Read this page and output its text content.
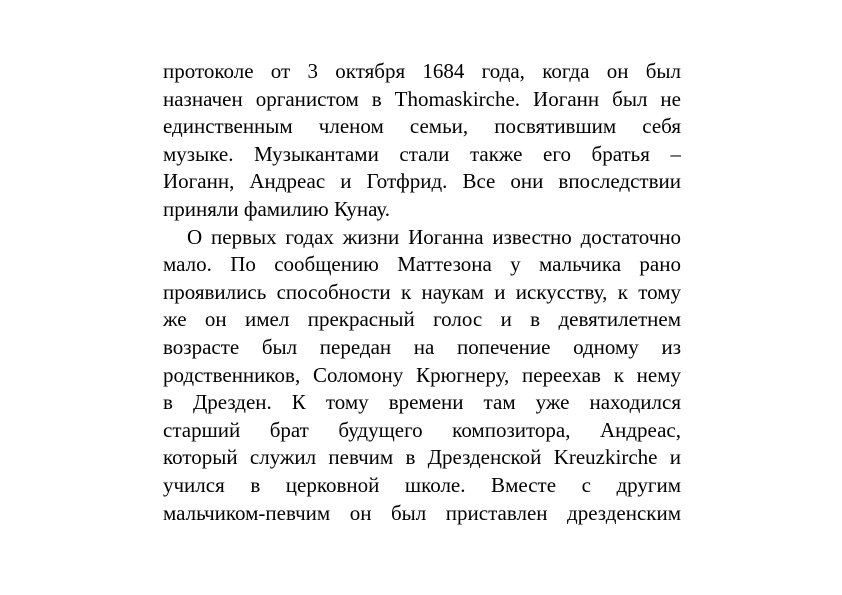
протоколе от 3 октября 1684 года, когда он был
назначен органистом в Thomaskirche. Иоганн был не
единственным членом семьи, посвятившим себя
музыке. Музыкантами стали также его братья –
Иоганн, Андреас и Готфрид. Все они впоследствии
приняли фамилию Кунау.
О первых годах жизни Иоганна известно достаточно
мало. По сообщению Маттезона у мальчика рано
проявились способности к наукам и искусству, к тому
же он имел прекрасный голос и в девятилетнем
возрасте был передан на попечение одному из
родственников, Соломону Крюгнеру, переехав к нему
в Дрезден. К тому времени там уже находился
старший брат будущего композитора, Андреас,
который служил певчим в Дрезденской Kreuzkirche и
учился в церковной школе. Вместе с другим
мальчиком-певчим он был приставлен дрезденским
